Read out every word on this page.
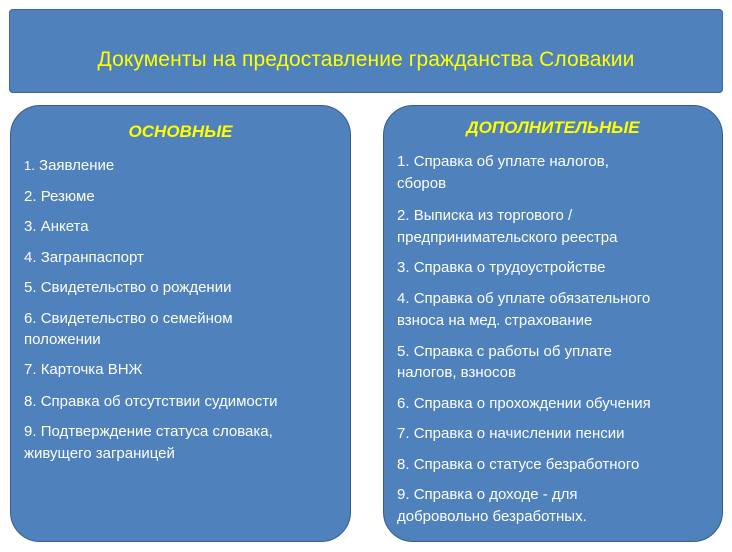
Документы на предоставление гражданства Словакии
ОСНОВНЫЕ
1. Заявление
2. Резюме
3. Анкета
4. Загранпаспорт
5. Свидетельство о рождении
6. Свидетельство о семейном
положении
7. Карточка ВНЖ
8. Справка об отсутствии судимости
9. Подтверждение статуса словака,
живущего заграницей
ДОПОЛНИТЕЛЬНЫЕ
1. Справка об уплате налогов,
сборов
2. Выписка из торгового /
предпринимательского реестра
3. Справка о трудоустройстве
4. Справка об уплате обязательного
взноса на мед. страхование
5. Справка с работы об уплате
налогов, взносов
6. Справка о прохождении обучения
7. Справка о начислении пенсии
8. Справка о статусе безработного
9. Справка о доходе - для
добровольно безработных.
